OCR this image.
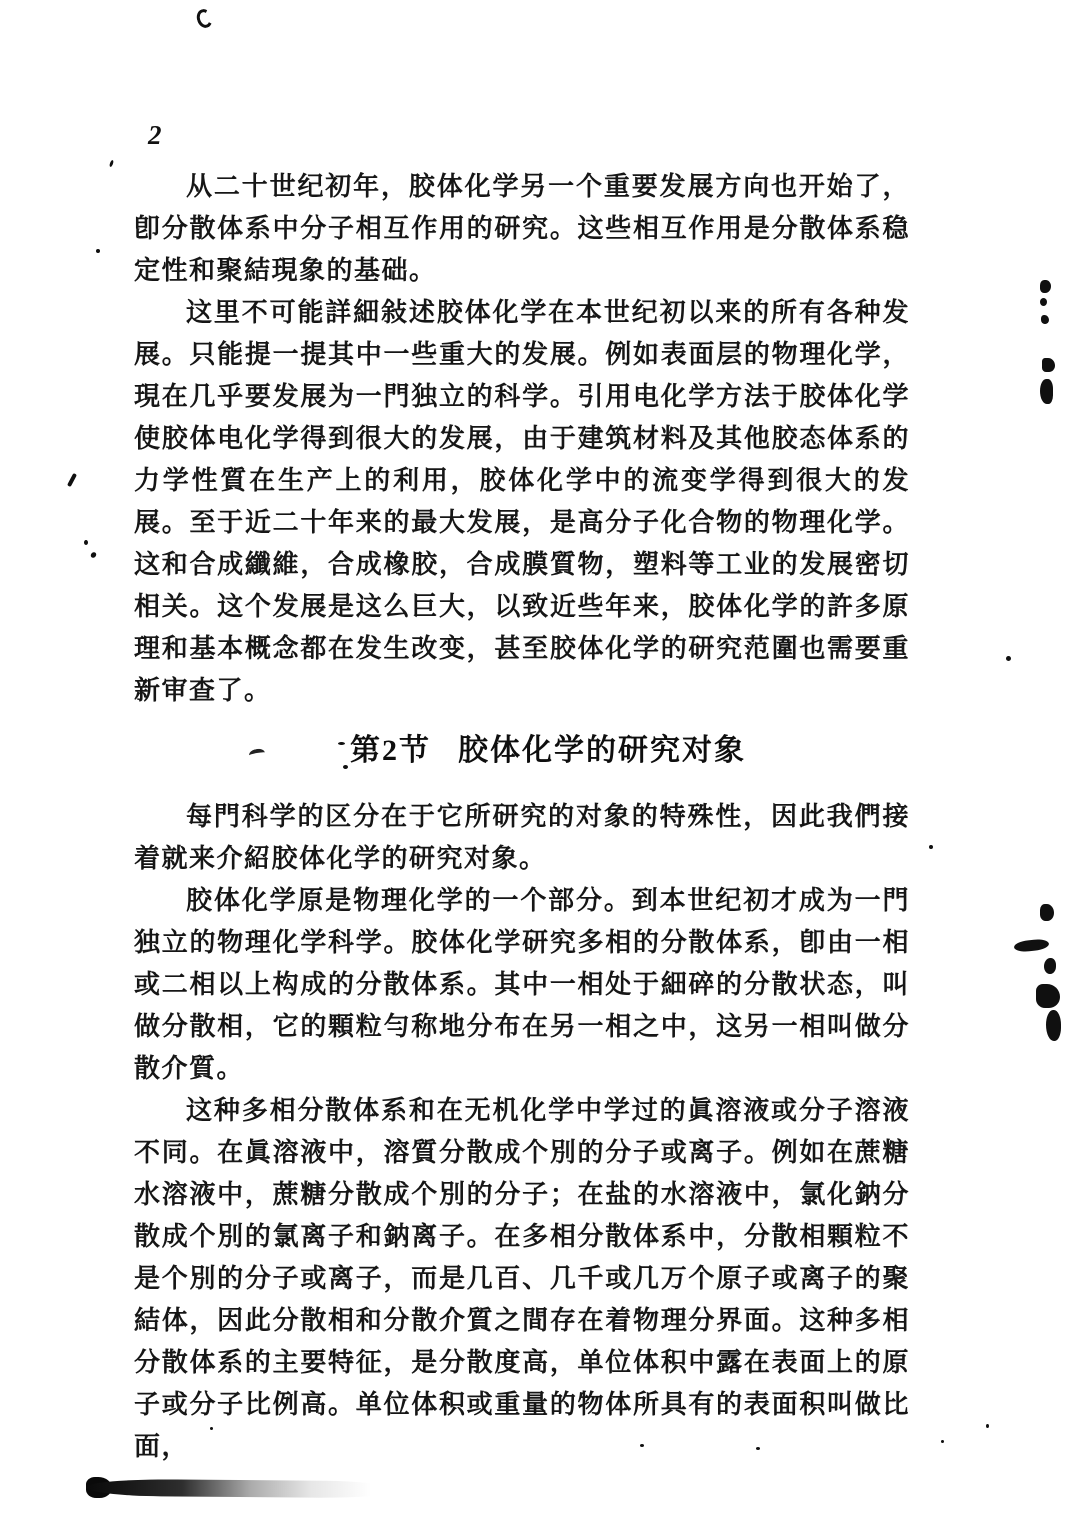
2

从二十世纪初年，胶体化学另一个重要发展方向也开始了，卽分散体系中分子相互作用的研究。这些相互作用是分散体系稳定性和聚結現象的基础。

这里不可能詳細敍述胶体化学在本世纪初以来的所有各种发展。只能提一提其中一些重大的发展。例如表面层的物理化学，現在几乎要发展为一門独立的科学。引用电化学方法于胶体化学使胶体电化学得到很大的发展，由于建筑材料及其他胶态体系的力学性質在生产上的利用，胶体化学中的流变学得到很大的发展。至于近二十年来的最大发展，是高分子化合物的物理化学。这和合成纖維，合成橡胶，合成膜質物，塑料等工业的发展密切相关。这个发展是这么巨大，以致近些年来，胶体化学的許多原理和基本概念都在发生改变，甚至胶体化学的研究范圍也需要重新审查了。

第2节 胶体化学的研究对象

每門科学的区分在于它所研究的对象的特殊性，因此我們接着就来介紹胶体化学的研究对象。

胶体化学原是物理化学的一个部分。到本世纪初才成为一門独立的物理化学科学。胶体化学研究多相的分散体系，卽由一相或二相以上构成的分散体系。其中一相处于細碎的分散状态，叫做分散相，它的顆粒勻称地分布在另一相之中，这另一相叫做分散介質。

这种多相分散体系和在无机化学中学过的眞溶液或分子溶液不同。在眞溶液中，溶質分散成个別的分子或离子。例如在蔗糖水溶液中，蔗糖分散成个別的分子；在盐的水溶液中，氯化鈉分散成个別的氯离子和鈉离子。在多相分散体系中，分散相顆粒不是个別的分子或离子，而是几百、几千或几万个原子或离子的聚結体，因此分散相和分散介質之間存在着物理分界面。这种多相分散体系的主要特征，是分散度高，单位体积中露在表面上的原子或分子比例高。单位体积或重量的物体所具有的表面积叫做比面，
